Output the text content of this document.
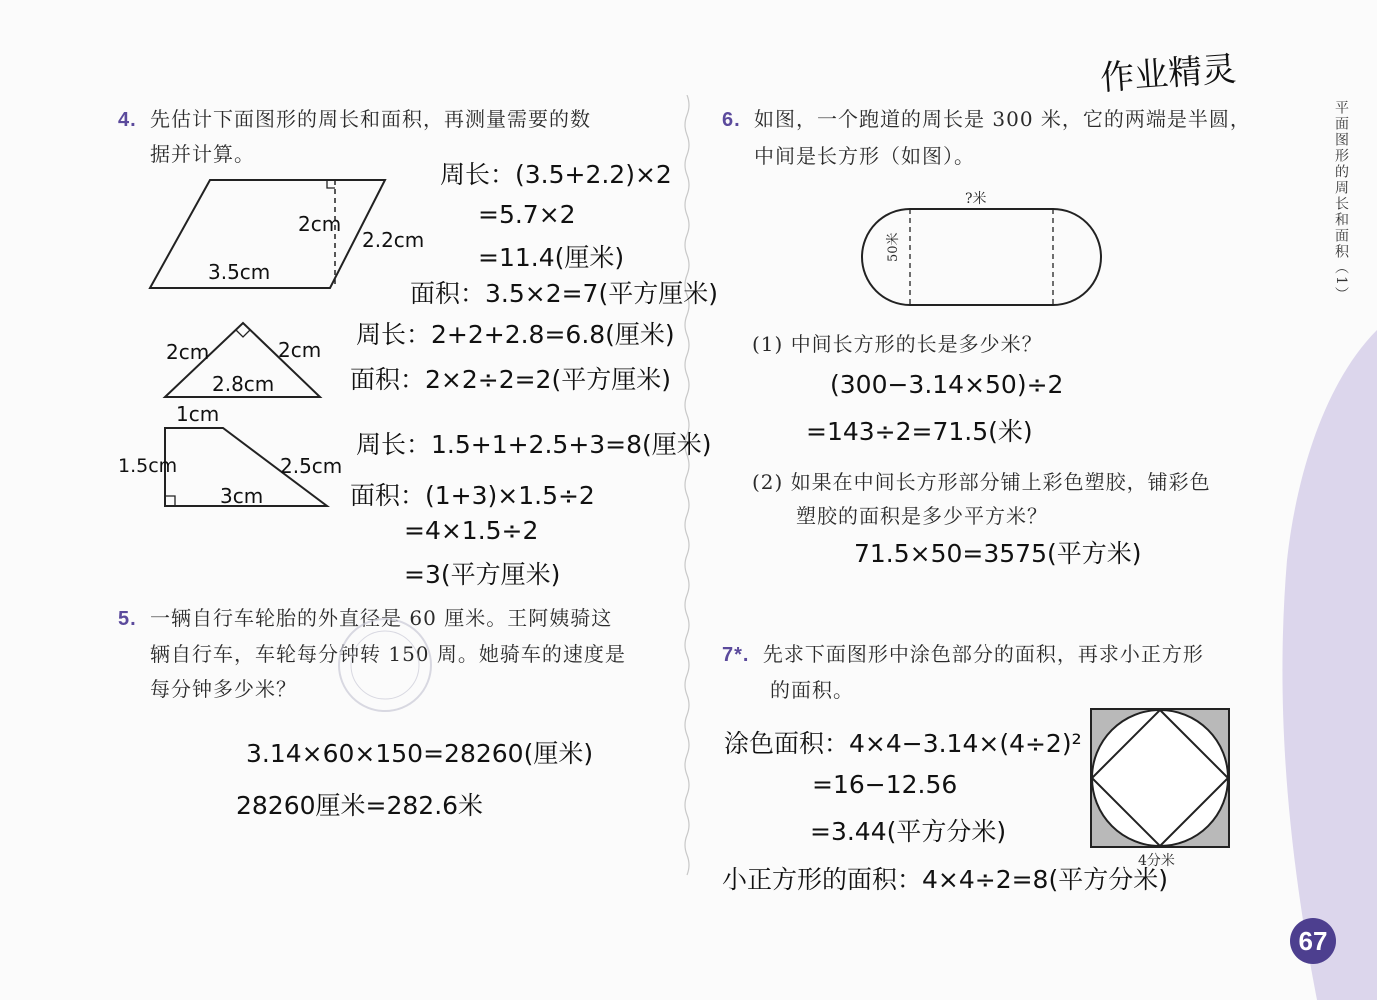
作业精灵
平面图形的周长和面积（1）
4. 先估计下面图形的周长和面积，再测量需要的数
据并计算。
2cm
2.2cm
3.5cm
2cm	2cm
2.8cm
1cm
1.5cm	2.5cm
3cm
周长：(3.5+2.2)×2
=5.7×2
=11.4(厘米)
面积：3.5×2=7(平方厘米)
周长：2+2+2.8=6.8(厘米)
面积：2×2÷2=2(平方厘米)
周长：1.5+1+2.5+3=8(厘米)
面积：(1+3)×1.5÷2
=4×1.5÷2
=3(平方厘米)
5. 一辆自行车轮胎的外直径是 60 厘米。王阿姨骑这
辆自行车，车轮每分钟转 150 周。她骑车的速度是
每分钟多少米？
3.14×60×150=28260(厘米)
28260厘米=282.6米
6. 如图，一个跑道的周长是 300 米，它的两端是半圆，
中间是长方形（如图）。
?米
50米
(1) 中间长方形的长是多少米？
(300−3.14×50)÷2
=143÷2=71.5(米)
(2) 如果在中间长方形部分铺上彩色塑胶，铺彩色
塑胶的面积是多少平方米？
71.5×50=3575(平方米)
7*. 先求下面图形中涂色部分的面积，再求小正方形
的面积。
4分米
涂色面积：4×4−3.14×(4÷2)²
=16−12.56
=3.44(平方分米)
小正方形的面积：4×4÷2=8(平方分米)
67
